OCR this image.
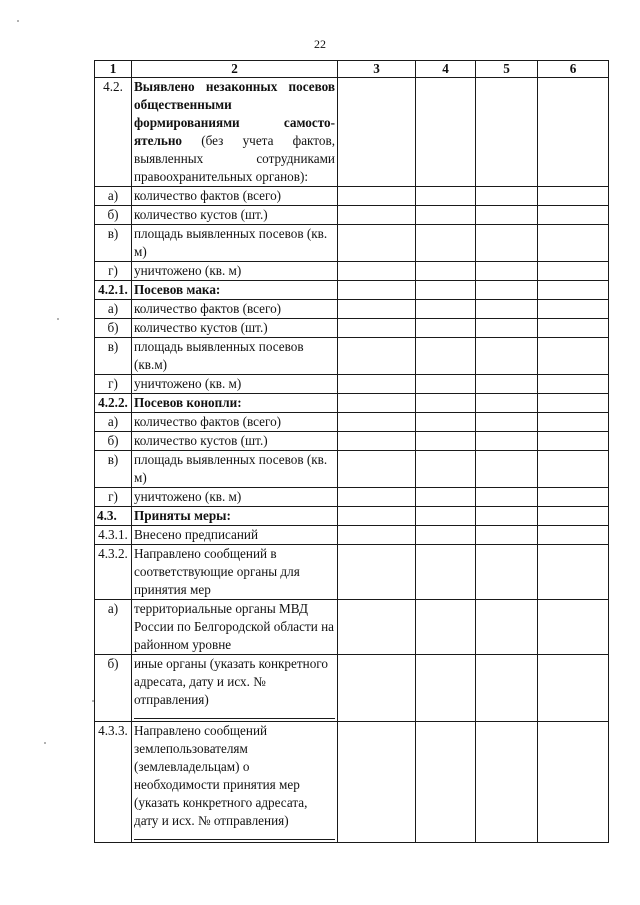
22
1	2	3	4	5	6
4.2.	Выявлено незаконных посевов общественными формированиями самосто-ятельно (без учета фактов, выявленных сотрудниками правоохранительных органов):				
а)	количество фактов (всего)				
б)	количество кустов (шт.)				
в)	площадь выявленных посевов (кв. м)				
г)	уничтожено (кв. м)				
4.2.1.	Посевов мака:				
а)	количество фактов (всего)				
б)	количество кустов (шт.)				
в)	площадь выявленных посевов (кв.м)				
г)	уничтожено (кв. м)				
4.2.2.	Посевов конопли:				
а)	количество фактов (всего)				
б)	количество кустов (шт.)				
в)	площадь выявленных посевов (кв. м)				
г)	уничтожено (кв. м)				
4.3.	Приняты меры:				
4.3.1.	Внесено предписаний				
4.3.2.	Направлено сообщений в соответствующие органы для принятия мер				
а)	территориальные органы МВД России по Белгородской области на районном уровне				
б)	иные органы (указать конкретного адресата, дату и исх. № отправления)

4.3.3.	Направлено сообщений землепользователям (землевладельцам) о необходимости принятия мер (указать конкретного адресата, дату и исх. № отправления)
